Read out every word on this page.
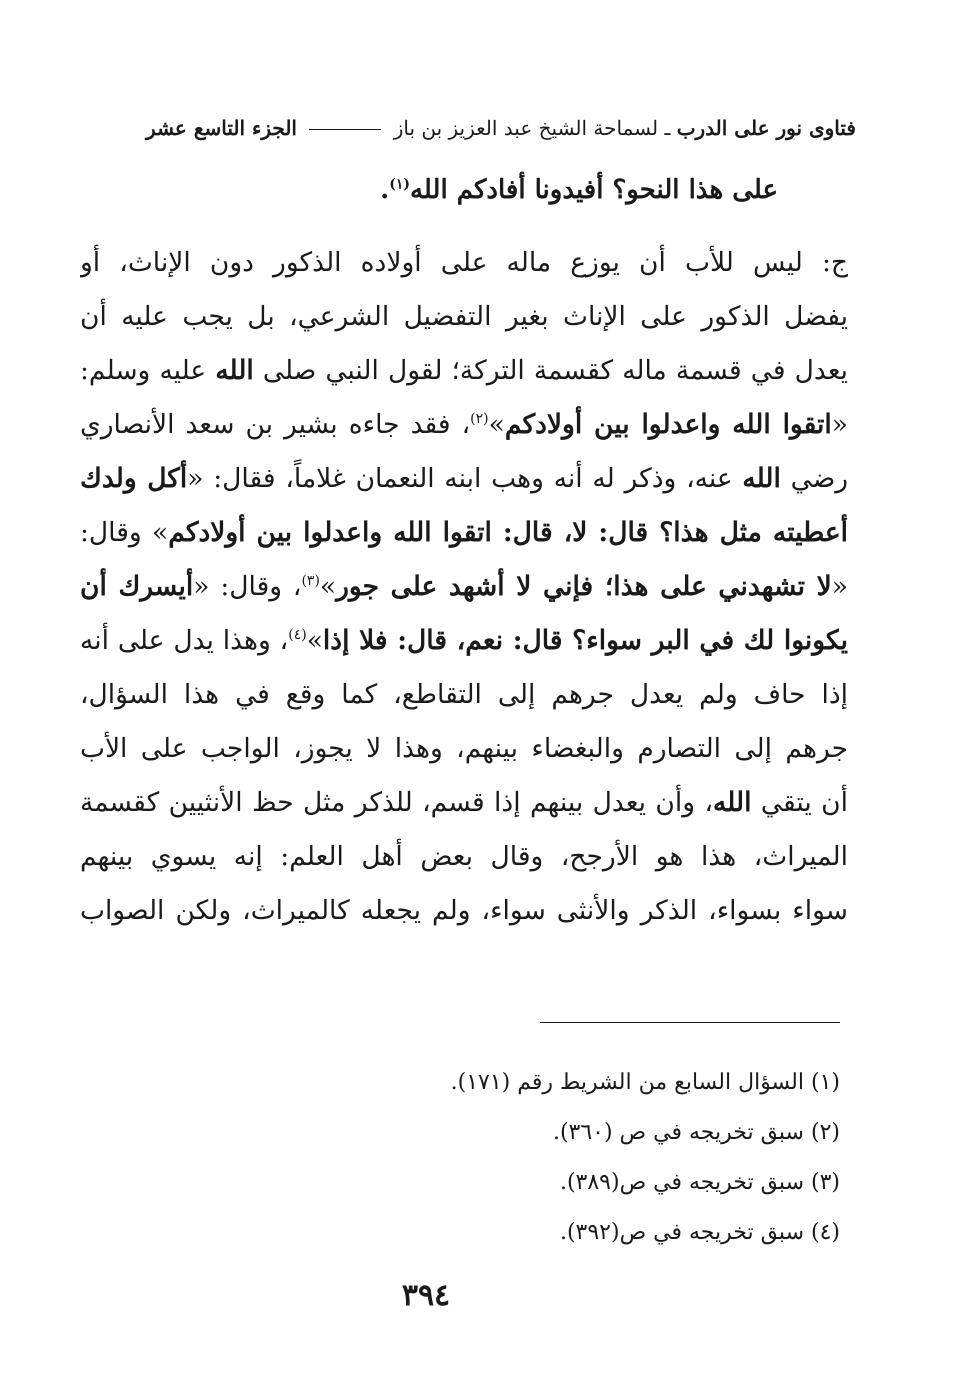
فتاوى نور على الدرب ـ لسماحة الشيخ عبد العزيز بن باز  الجزء التاسع عشر
على هذا النحو؟ أفيدونا أفادكم الله$^{(١)}$.
ج: ليس للأب أن يوزع ماله على أولاده الذكور دون الإناث، أو
يفضل الذكور على الإناث بغير التفضيل الشرعي، بل يجب عليه أن
يعدل في قسمة ماله كقسمة التركة؛ لقول النبي صلى الله عليه وسلم:
«اتقوا الله واعدلوا بين أولادكم»$^{(٢)}$، فقد جاءه بشير بن سعد الأنصاري
رضي الله عنه، وذكر له أنه وهب ابنه النعمان غلاماً، فقال: «أكل ولدك
أعطيته مثل هذا؟ قال: لا، قال: اتقوا الله واعدلوا بين أولادكم» وقال:
«لا تشهدني على هذا؛ فإني لا أشهد على جور»$^{(٣)}$، وقال: «أيسرك أن
يكونوا لك في البر سواء؟ قال: نعم، قال: فلا إذا»$^{(٤)}$، وهذا يدل على أنه
إذا حاف ولم يعدل جرهم إلى التقاطع، كما وقع في هذا السؤال،
جرهم إلى التصارم والبغضاء بينهم، وهذا لا يجوز، الواجب على الأب
أن يتقي الله، وأن يعدل بينهم إذا قسم، للذكر مثل حظ الأنثيين كقسمة
الميراث، هذا هو الأرجح، وقال بعض أهل العلم: إنه يسوي بينهم
سواء بسواء، الذكر والأنثى سواء، ولم يجعله كالميراث، ولكن الصواب
(١) السؤال السابع من الشريط رقم (١٧١).
(٢) سبق تخريجه في ص (٣٦٠).
(٣) سبق تخريجه في ص(٣٨٩).
(٤) سبق تخريجه في ص(٣٩٢).
٣٩٤
